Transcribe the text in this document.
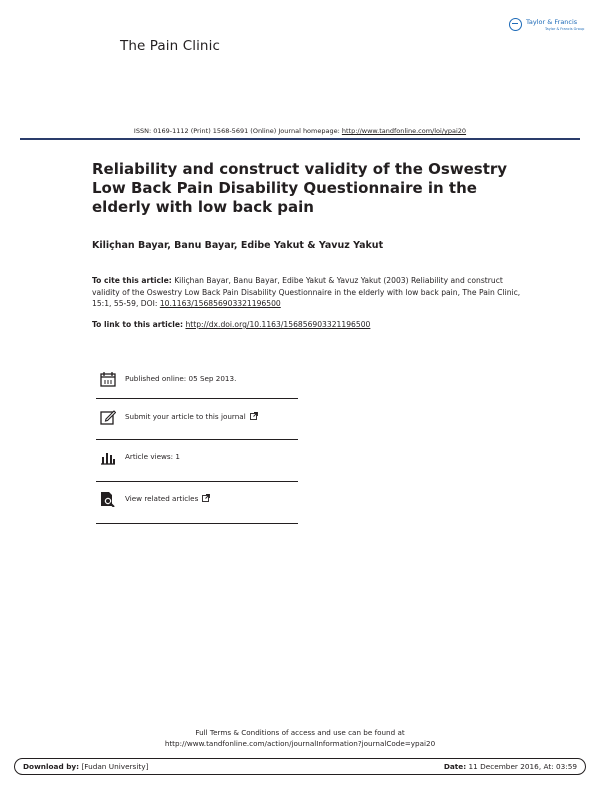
The Pain Clinic
Taylor & Francis
Taylor & Francis Group
ISSN: 0169-1112 (Print) 1568-5691 (Online) Journal homepage: http://www.tandfonline.com/loi/ypai20
Reliability and construct validity of the Oswestry Low Back Pain Disability Questionnaire in the elderly with low back pain
Kiliçhan Bayar, Banu Bayar, Edibe Yakut & Yavuz Yakut
To cite this article: Kiliçhan Bayar, Banu Bayar, Edibe Yakut & Yavuz Yakut (2003) Reliability and construct validity of the Oswestry Low Back Pain Disability Questionnaire in the elderly with low back pain, The Pain Clinic, 15:1, 55-59, DOI: 10.1163/156856903321196500
To link to this article: http://dx.doi.org/10.1163/156856903321196500
Published online: 05 Sep 2013.
Submit your article to this journal
Article views: 1
View related articles
Full Terms & Conditions of access and use can be found at
http://www.tandfonline.com/action/journalInformation?journalCode=ypai20
Download by: [Fudan University]	Date: 11 December 2016, At: 03:59
